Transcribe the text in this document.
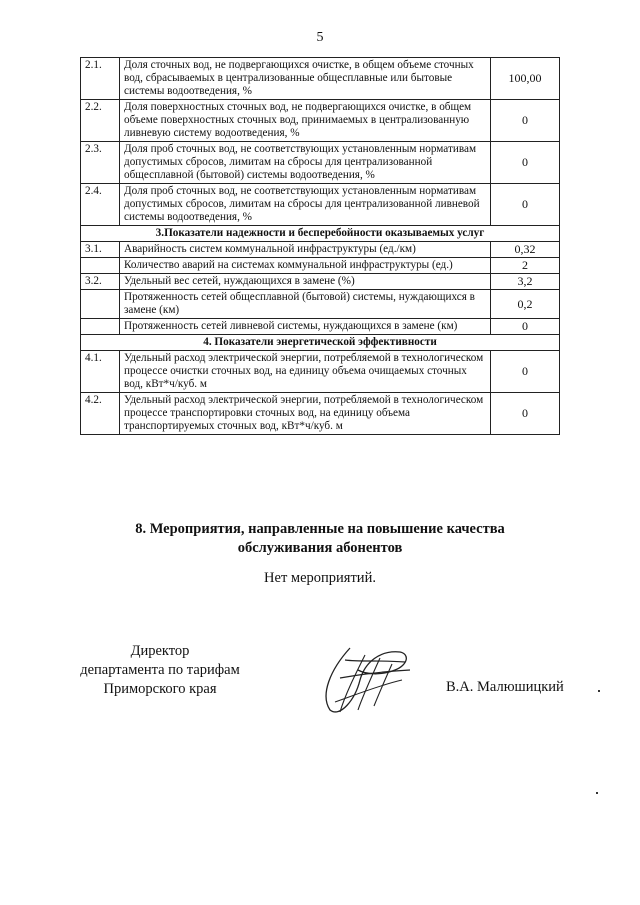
5
2.1.	Доля сточных вод, не подвергающихся очистке, в общем объеме сточных вод, сбрасываемых в централизованные общесплавные или бытовые системы водоотведения, %	100,00
2.2.	Доля поверхностных сточных вод, не подвергающихся очистке, в общем объеме поверхностных сточных вод, принимаемых в централизованную ливневую систему водоотведения, %	0
2.3.	Доля проб сточных вод, не соответствующих установленным нормативам допустимых сбросов, лимитам на сбросы для централизованной общесплавной (бытовой) системы водоотведения, %	0
2.4.	Доля проб сточных вод, не соответствующих установленным нормативам допустимых сбросов, лимитам на сбросы для централизованной ливневой системы водоотведения, %	0
3.Показатели надежности и бесперебойности оказываемых услуг		
3.1.	Аварийность систем коммунальной инфраструктуры (ед./км)	0,32
	Количество аварий на системах коммунальной инфраструктуры (ед.)	2
3.2.	Удельный вес сетей, нуждающихся в замене (%)	3,2
	Протяженность сетей общесплавной (бытовой) системы, нуждающихся в замене (км)	0,2
	Протяженность сетей ливневой системы, нуждающихся в замене (км)	0
4. Показатели энергетической эффективности		
4.1.	Удельный расход электрической энергии, потребляемой в технологическом процессе очистки сточных вод, на единицу объема очищаемых сточных вод, кВт*ч/куб. м	0
4.2.	Удельный расход электрической энергии, потребляемой в технологическом процессе транспортировки сточных вод, на единицу объема транспортируемых сточных вод, кВт*ч/куб. м	0
8. Мероприятия, направленные на повышение качества
обслуживания абонентов
Нет мероприятий.
Директор
департамента по тарифам
Приморского края	В.А. Малюшицкий
